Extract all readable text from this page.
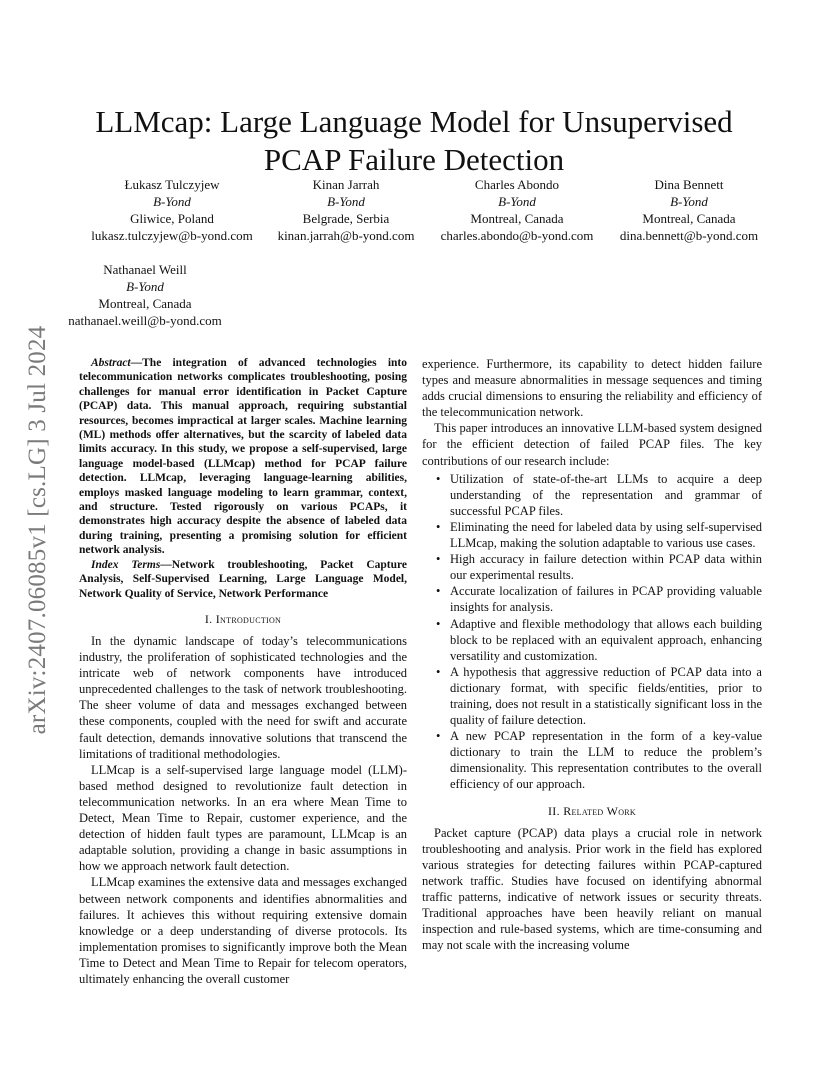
arXiv:2407.06085v1 [cs.LG] 3 Jul 2024
LLMcap: Large Language Model for Unsupervised PCAP Failure Detection
Łukasz Tulczyjew
B-Yond
Gliwice, Poland
lukasz.tulczyjew@b-yond.com
Kinan Jarrah
B-Yond
Belgrade, Serbia
kinan.jarrah@b-yond.com
Charles Abondo
B-Yond
Montreal, Canada
charles.abondo@b-yond.com
Dina Bennett
B-Yond
Montreal, Canada
dina.bennett@b-yond.com
Nathanael Weill
B-Yond
Montreal, Canada
nathanael.weill@b-yond.com

Abstract—The integration of advanced technologies into telecommunication networks complicates troubleshooting, posing challenges for manual error identification in Packet Capture (PCAP) data. This manual approach, requiring substantial resources, becomes impractical at larger scales. Machine learning (ML) methods offer alternatives, but the scarcity of labeled data limits accuracy. In this study, we propose a self-supervised, large language model-based (LLMcap) method for PCAP failure detection. LLMcap, leveraging language-learning abilities, employs masked language modeling to learn grammar, context, and structure. Tested rigorously on various PCAPs, it demonstrates high accuracy despite the absence of labeled data during training, presenting a promising solution for efficient network analysis.

Index Terms—Network troubleshooting, Packet Capture Analysis, Self-Supervised Learning, Large Language Model, Network Quality of Service, Network Performance

I. Introduction

In the dynamic landscape of today’s telecommunications industry, the proliferation of sophisticated technologies and the intricate web of network components have introduced unprecedented challenges to the task of network troubleshooting. The sheer volume of data and messages exchanged between these components, coupled with the need for swift and accurate fault detection, demands innovative solutions that transcend the limitations of traditional methodologies.

LLMcap is a self-supervised large language model (LLM)-based method designed to revolutionize fault detection in telecommunication networks. In an era where Mean Time to Detect, Mean Time to Repair, customer experience, and the detection of hidden fault types are paramount, LLMcap is an adaptable solution, providing a change in basic assumptions in how we approach network fault detection.

LLMcap examines the extensive data and messages exchanged between network components and identifies abnormalities and failures. It achieves this without requiring extensive domain knowledge or a deep understanding of diverse protocols. Its implementation promises to significantly improve both the Mean Time to Detect and Mean Time to Repair for telecom operators, ultimately enhancing the overall customer

experience. Furthermore, its capability to detect hidden failure types and measure abnormalities in message sequences and timing adds crucial dimensions to ensuring the reliability and efficiency of the telecommunication network.

This paper introduces an innovative LLM-based system designed for the efficient detection of failed PCAP files. The key contributions of our research include:

• Utilization of state-of-the-art LLMs to acquire a deep understanding of the representation and grammar of successful PCAP files.
• Eliminating the need for labeled data by using self-supervised LLMcap, making the solution adaptable to various use cases.
• High accuracy in failure detection within PCAP data within our experimental results.
• Accurate localization of failures in PCAP providing valuable insights for analysis.
• Adaptive and flexible methodology that allows each building block to be replaced with an equivalent approach, enhancing versatility and customization.
• A hypothesis that aggressive reduction of PCAP data into a dictionary format, with specific fields/entities, prior to training, does not result in a statistically significant loss in the quality of failure detection.
• A new PCAP representation in the form of a key-value dictionary to train the LLM to reduce the problem’s dimensionality. This representation contributes to the overall efficiency of our approach.
II. Related Work

Packet capture (PCAP) data plays a crucial role in network troubleshooting and analysis. Prior work in the field has explored various strategies for detecting failures within PCAP-captured network traffic. Studies have focused on identifying abnormal traffic patterns, indicative of network issues or security threats. Traditional approaches have been heavily reliant on manual inspection and rule-based systems, which are time-consuming and may not scale with the increasing volume
